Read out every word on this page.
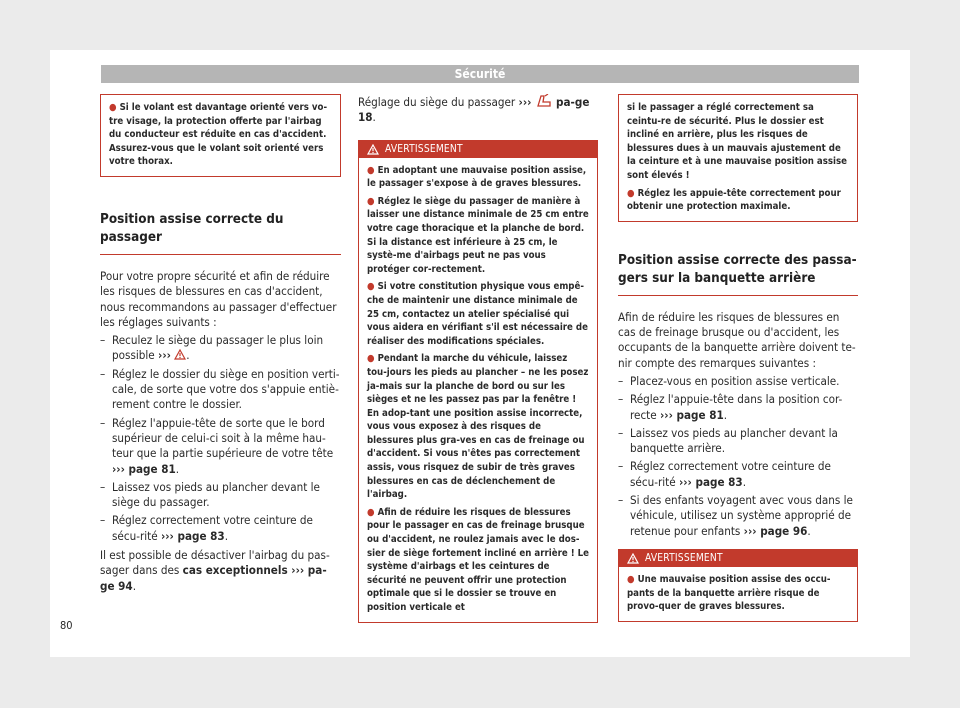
Sécurité

● Si le volant est davantage orienté vers vo-tre visage, la protection offerte par l'airbag du conducteur est réduite en cas d'accident. Assurez-vous que le volant soit orienté vers votre thorax.

Position assise correcte du passager

Pour votre propre sécurité et afin de réduire les risques de blessures en cas d'accident, nous recommandons au passager d'effectuer les réglages suivants :

– Reculez le siège du passager le plus loin possible ››› .
– Réglez le dossier du siège en position verti-cale, de sorte que votre dos s'appuie entiè-rement contre le dossier.
– Réglez l'appuie-tête de sorte que le bord supérieur de celui-ci soit à la même hau-teur que la partie supérieure de votre tête ››› page 81.
– Laissez vos pieds au plancher devant le siège du passager.
– Réglez correctement votre ceinture de sécu-rité ››› page 83.

Il est possible de désactiver l'airbag du pas-sager dans des cas exceptionnels ››› pa-ge 94.

Réglage du siège du passager ››› pa-ge 18.

AVERTISSEMENT

● En adoptant une mauvaise position assise, le passager s'expose à de graves blessures.

● Réglez le siège du passager de manière à laisser une distance minimale de 25 cm entre votre cage thoracique et la planche de bord. Si la distance est inférieure à 25 cm, le systè-me d'airbags peut ne pas vous protéger cor-rectement.

● Si votre constitution physique vous empê-che de maintenir une distance minimale de 25 cm, contactez un atelier spécialisé qui vous aidera en vérifiant s'il est nécessaire de réaliser des modifications spéciales.

● Pendant la marche du véhicule, laissez tou-jours les pieds au plancher – ne les posez ja-mais sur la planche de bord ou sur les sièges et ne les passez pas par la fenêtre ! En adop-tant une position assise incorrecte, vous vous exposez à des risques de blessures plus gra-ves en cas de freinage ou d'accident. Si vous n'êtes pas correctement assis, vous risquez de subir de très graves blessures en cas de déclenchement de l'airbag.

● Afin de réduire les risques de blessures pour le passager en cas de freinage brusque ou d'accident, ne roulez jamais avec le dos-sier de siège fortement incliné en arrière ! Le système d'airbags et les ceintures de sécurité ne peuvent offrir une protection optimale que si le dossier se trouve en position verticale et

si le passager a réglé correctement sa ceintu-re de sécurité. Plus le dossier est incliné en arrière, plus les risques de blessures dues à un mauvais ajustement de la ceinture et à une mauvaise position assise sont élevés !

● Réglez les appuie-tête correctement pour obtenir une protection maximale.

Position assise correcte des passa-gers sur la banquette arrière

Afin de réduire les risques de blessures en cas de freinage brusque ou d'accident, les occupants de la banquette arrière doivent te-nir compte des remarques suivantes :

– Placez-vous en position assise verticale.
– Réglez l'appuie-tête dans la position cor-recte ››› page 81.
– Laissez vos pieds au plancher devant la banquette arrière.
– Réglez correctement votre ceinture de sécu-rité ››› page 83.
– Si des enfants voyagent avec vous dans le véhicule, utilisez un système approprié de retenue pour enfants ››› page 96.
AVERTISSEMENT

● Une mauvaise position assise des occu-pants de la banquette arrière risque de provo-quer de graves blessures.

80
